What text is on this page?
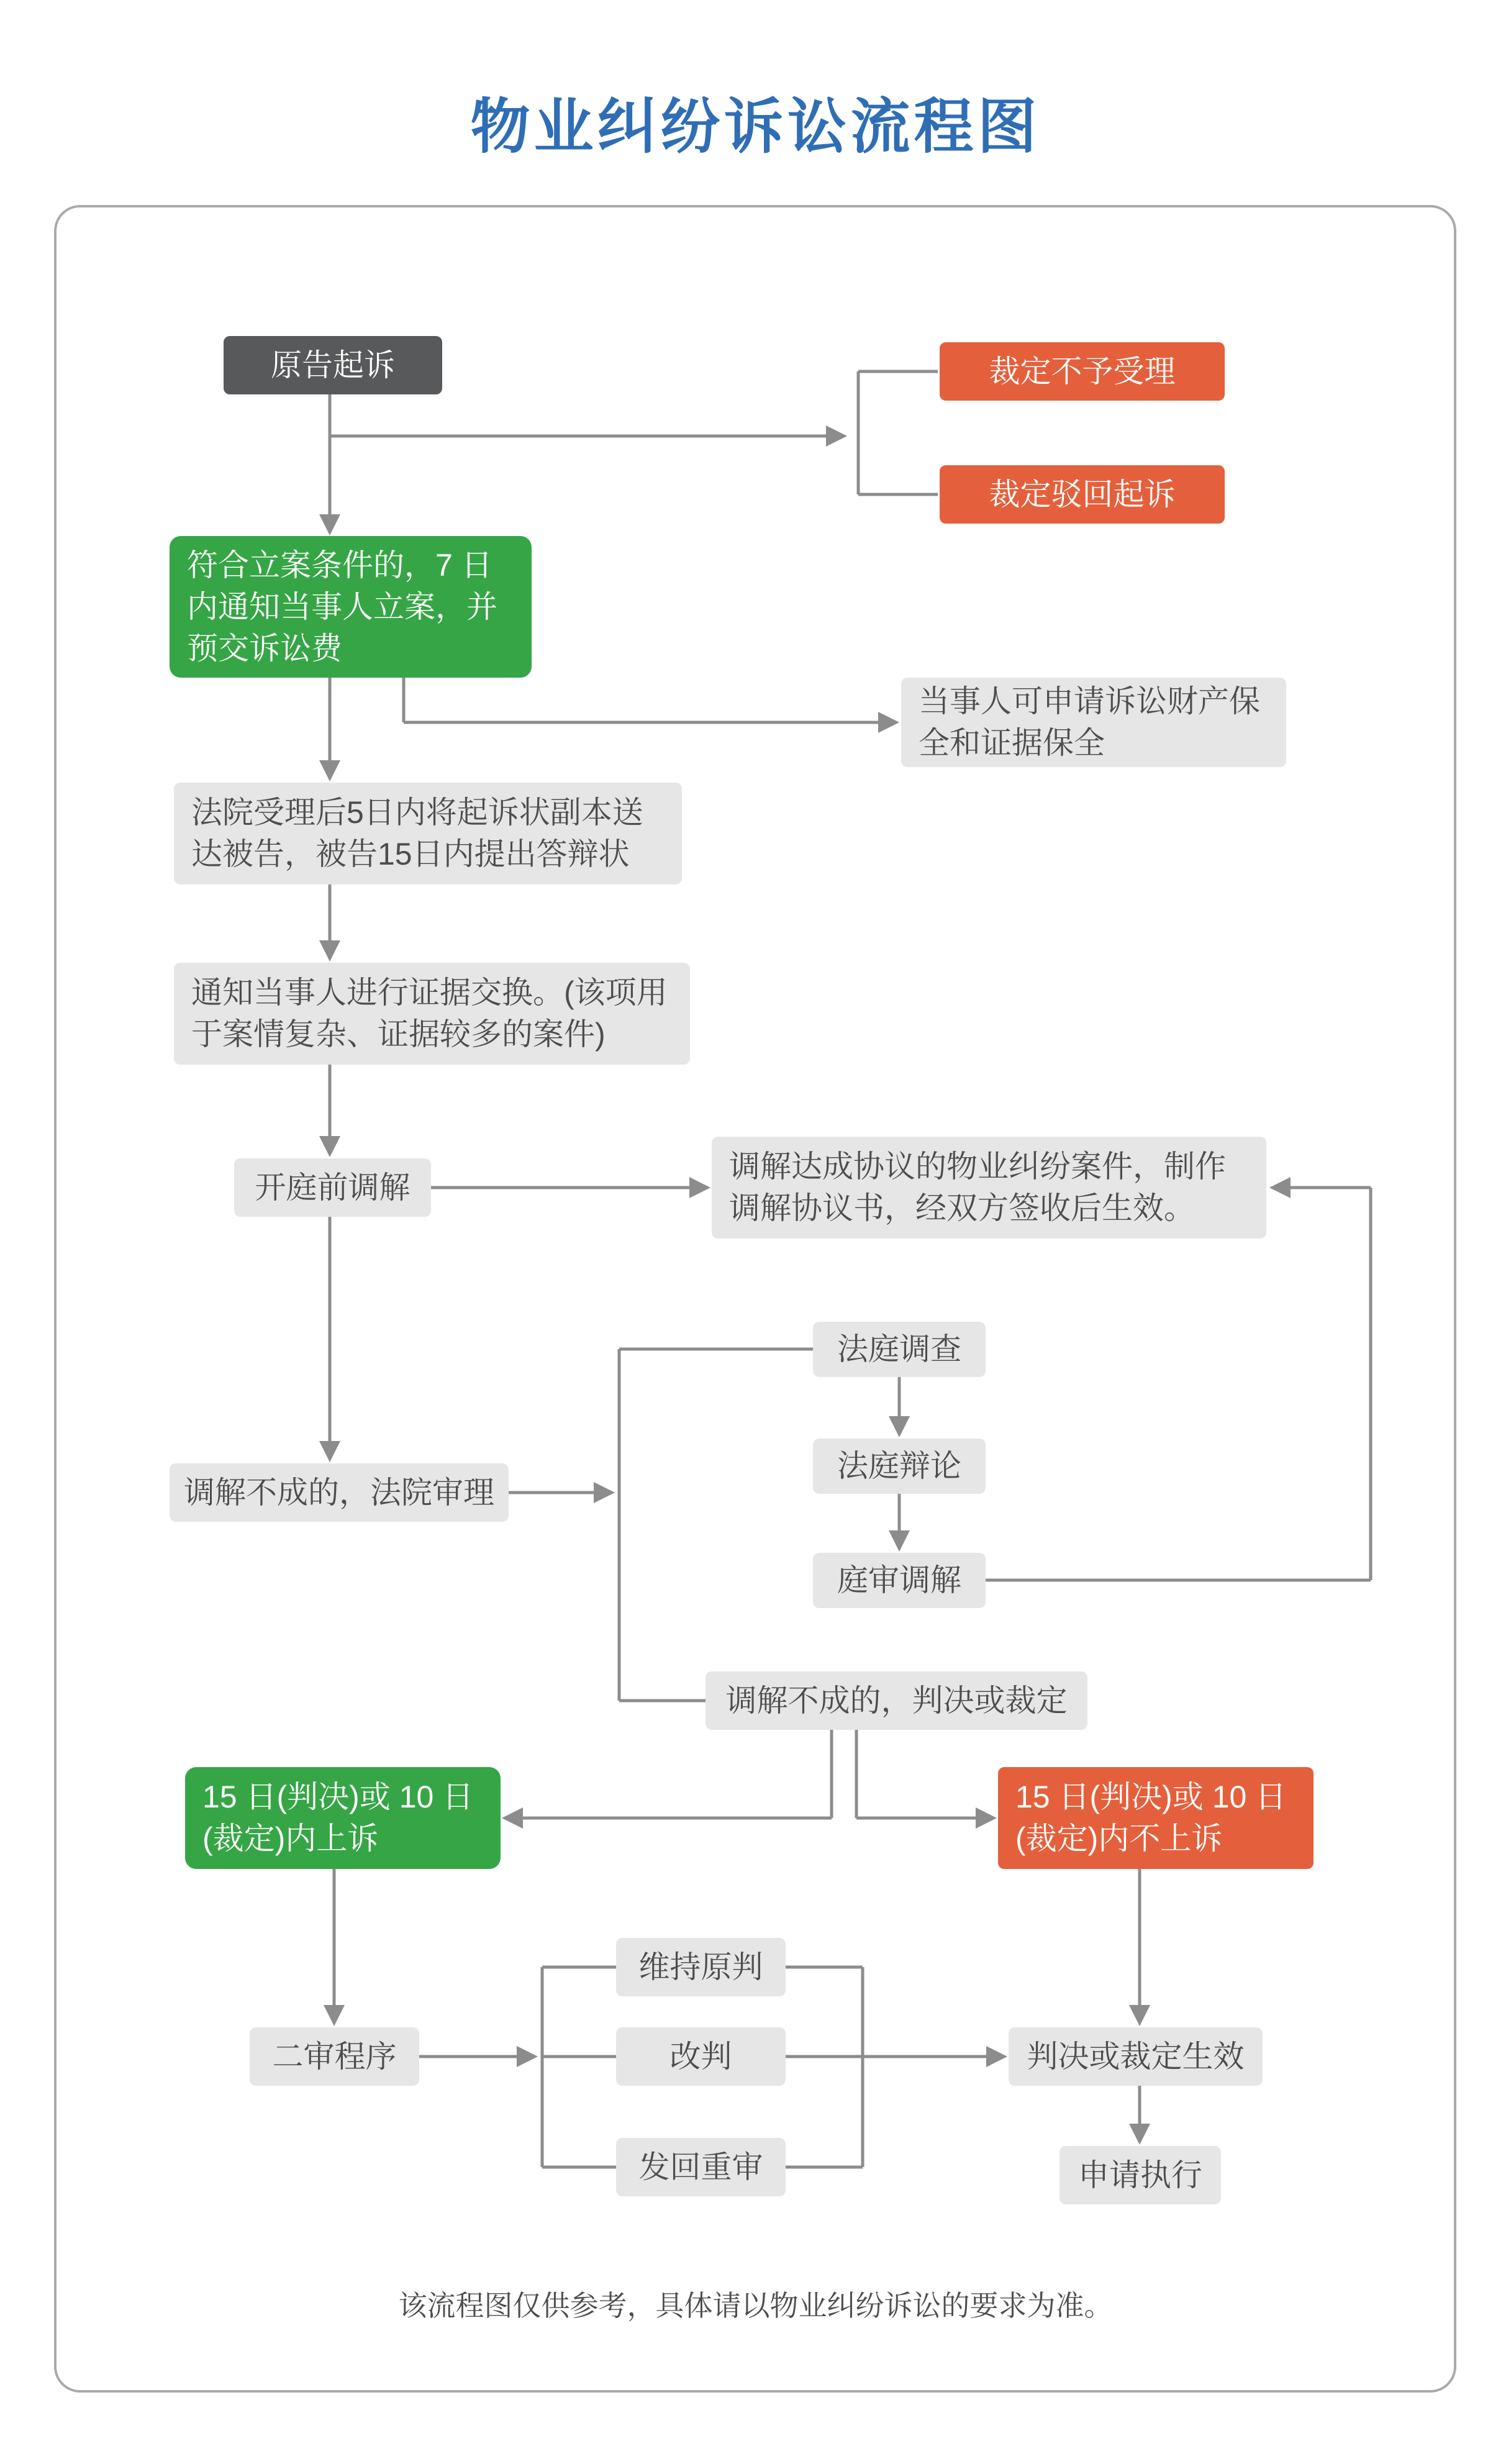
物业纠纷诉讼流程图
原告起诉	裁定不予受理
裁定驳回起诉
符合立案条件的，7 日内通知当事人立案，并预交诉讼费
当事人可申请诉讼财产保全和证据保全
法院受理后5日内将起诉状副本送达被告，被告15日内提出答辩状
通知当事人进行证据交换。(该项用于案情复杂、证据较多的案件)
开庭前调解
调解达成协议的物业纠纷案件，制作调解协议书，经双方签收后生效。
法庭调查
法庭辩论
庭审调解
调解不成的，法院审理
调解不成的，判决或裁定
15 日(判决)或 10 日(裁定)内上诉
15 日(判决)或 10 日(裁定)内不上诉
二审程序
维持原判
改判
发回重审
判决或裁定生效
申请执行
该流程图仅供参考，具体请以物业纠纷诉讼的要求为准。
